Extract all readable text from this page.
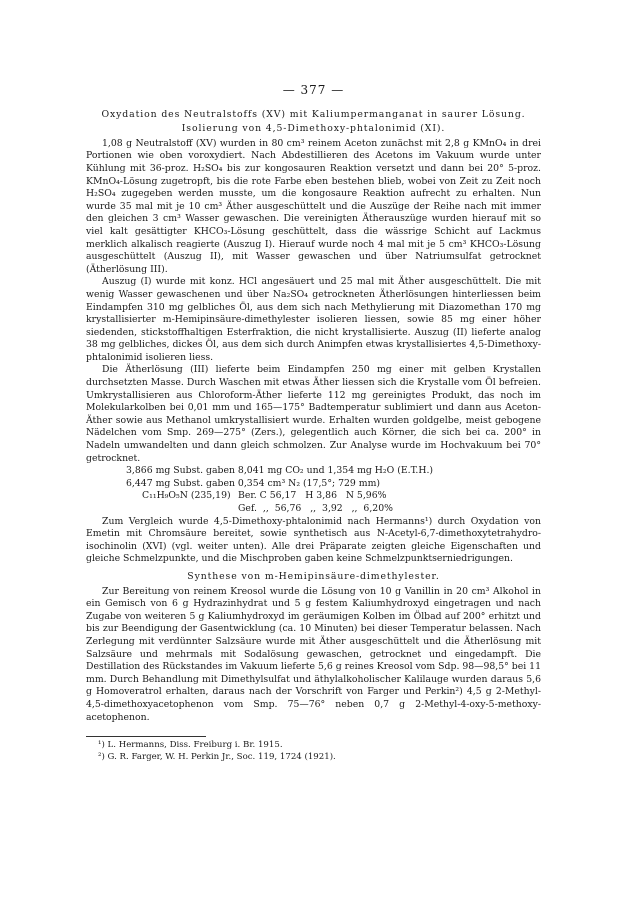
— 377 —
Oxydation des Neutralstoffs (XV) mit Kaliumpermanganat in saurer Lösung.
Isolierung von 4,5-Dimethoxy-phtalonimid (XI).

1,08 g Neutralstoff (XV) wurden in 80 cm³ reinem Aceton zunächst mit 2,8 g KMnO₄ in drei Portionen wie oben voroxydiert. Nach Abdestillieren des Acetons im Vakuum wurde unter Kühlung mit 36-proz. H₂SO₄ bis zur kongosauren Reaktion versetzt und dann bei 20° 5-proz. KMnO₄-Lösung zugetropft, bis die rote Farbe eben bestehen blieb, wobei von Zeit zu Zeit noch H₂SO₄ zugegeben werden musste, um die kongosaure Reaktion aufrecht zu erhalten. Nun wurde 35 mal mit je 10 cm³ Äther ausgeschüttelt und die Auszüge der Reihe nach mit immer den gleichen 3 cm³ Wasser gewaschen. Die vereinigten Ätherauszüge wurden hierauf mit so viel kalt gesättigter KHCO₃-Lösung geschüttelt, dass die wässrige Schicht auf Lackmus merklich alkalisch reagierte (Auszug I). Hierauf wurde noch 4 mal mit je 5 cm³ KHCO₃-Lösung ausgeschüttelt (Auszug II), mit Wasser gewaschen und über Natriumsulfat getrocknet (Ätherlösung III).

Auszug (I) wurde mit konz. HCl angesäuert und 25 mal mit Äther ausgeschüttelt. Die mit wenig Wasser gewaschenen und über Na₂SO₄ getrockneten Ätherlösungen hinterliessen beim Eindampfen 310 mg gelbliches Öl, aus dem sich nach Methylierung mit Diazomethan 170 mg krystallisierter m-Hemipinsäure-dimethylester isolieren liessen, sowie 85 mg einer höher siedenden, stickstoffhaltigen Esterfraktion, die nicht krystallisierte. Auszug (II) lieferte analog 38 mg gelbliches, dickes Öl, aus dem sich durch Animpfen etwas krystallisiertes 4,5-Dimethoxy-phtalonimid isolieren liess.

Die Ätherlösung (III) lieferte beim Eindampfen 250 mg einer mit gelben Krystallen durchsetzten Masse. Durch Waschen mit etwas Äther liessen sich die Krystalle vom Öl befreien. Umkrystallisieren aus Chloroform-Äther lieferte 112 mg gereinigtes Produkt, das noch im Molekularkolben bei 0,01 mm und 165—175° Badtemperatur sublimiert und dann aus Aceton-Äther sowie aus Methanol umkrystallisiert wurde. Erhalten wurden goldgelbe, meist gebogene Nädelchen vom Smp. 269—275° (Zers.), gelegentlich auch Körner, die sich bei ca. 200° in Nadeln umwandelten und dann gleich schmolzen. Zur Analyse wurde im Hochvakuum bei 70° getrocknet.

3,866 mg Subst. gaben 8,041 mg CO₂ und 1,354 mg H₂O (E.T.H.)
6,447 mg Subst. gaben 0,354 cm³ N₂ (17,5°; 729 mm)
C₁₁H₉O₅N (235,19) Ber. C 56,17   H 3,86   N 5,96%
Gef.  ,,  56,76   ,,  3,92   ,,  6,20%

Zum Vergleich wurde 4,5-Dimethoxy-phtalonimid nach Hermanns¹) durch Oxydation von Emetin mit Chromsäure bereitet, sowie synthetisch aus N-Acetyl-6,7-dimethoxytetrahydro-isochinolin (XVI) (vgl. weiter unten). Alle drei Präparate zeigten gleiche Eigenschaften und gleiche Schmelzpunkte, und die Mischproben gaben keine Schmelzpunktserniedrigungen.

Synthese von m-Hemipinsäure-dimethylester.

Zur Bereitung von reinem Kreosol wurde die Lösung von 10 g Vanillin in 20 cm³ Alkohol in ein Gemisch von 6 g Hydrazinhydrat und 5 g festem Kaliumhydroxyd eingetragen und nach Zugabe von weiteren 5 g Kaliumhydroxyd im geräumigen Kolben im Ölbad auf 200° erhitzt und bis zur Beendigung der Gasentwicklung (ca. 10 Minuten) bei dieser Temperatur belassen. Nach Zerlegung mit verdünnter Salzsäure wurde mit Äther ausgeschüttelt und die Ätherlösung mit Salzsäure und mehrmals mit Sodalösung gewaschen, getrocknet und eingedampft. Die Destillation des Rückstandes im Vakuum lieferte 5,6 g reines Kreosol vom Sdp. 98—98,5° bei 11 mm. Durch Behandlung mit Dimethylsulfat und äthylalkoholischer Kalilauge wurden daraus 5,6 g Homoveratrol erhalten, daraus nach der Vorschrift von Farger und Perkin²) 4,5 g 2-Methyl-4,5-dimethoxyacetophenon vom Smp. 75—76° neben 0,7 g 2-Methyl-4-oxy-5-methoxy-acetophenon.

¹) L. Hermanns, Diss. Freiburg i. Br. 1915.
²) G. R. Farger, W. H. Perkin Jr., Soc. 119, 1724 (1921).
